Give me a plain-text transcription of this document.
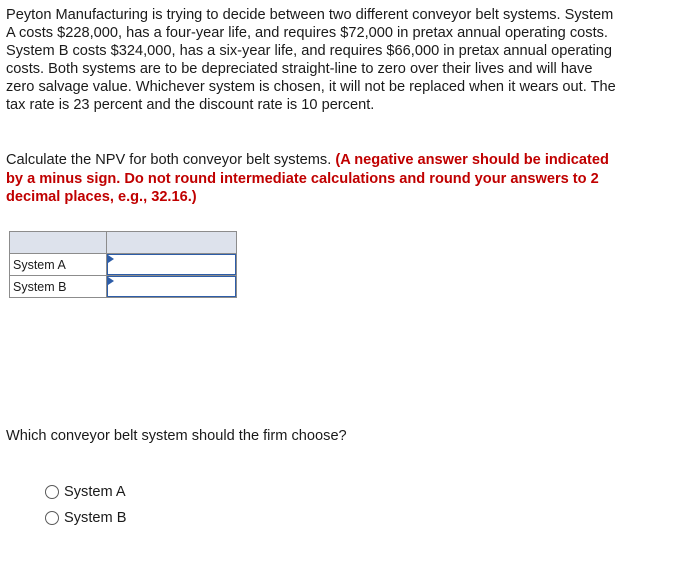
Peyton Manufacturing is trying to decide between two different conveyor belt systems. System A costs $228,000, has a four-year life, and requires $72,000 in pretax annual operating costs. System B costs $324,000, has a six-year life, and requires $66,000 in pretax annual operating costs. Both systems are to be depreciated straight-line to zero over their lives and will have zero salvage value. Whichever system is chosen, it will not be replaced when it wears out. The tax rate is 23 percent and the discount rate is 10 percent.

Calculate the NPV for both conveyor belt systems. (A negative answer should be indicated by a minus sign. Do not round intermediate calculations and round your answers to 2 decimal places, e.g., 32.16.)

System A	

System B	

Which conveyor belt system should the firm choose?

System A
System B
